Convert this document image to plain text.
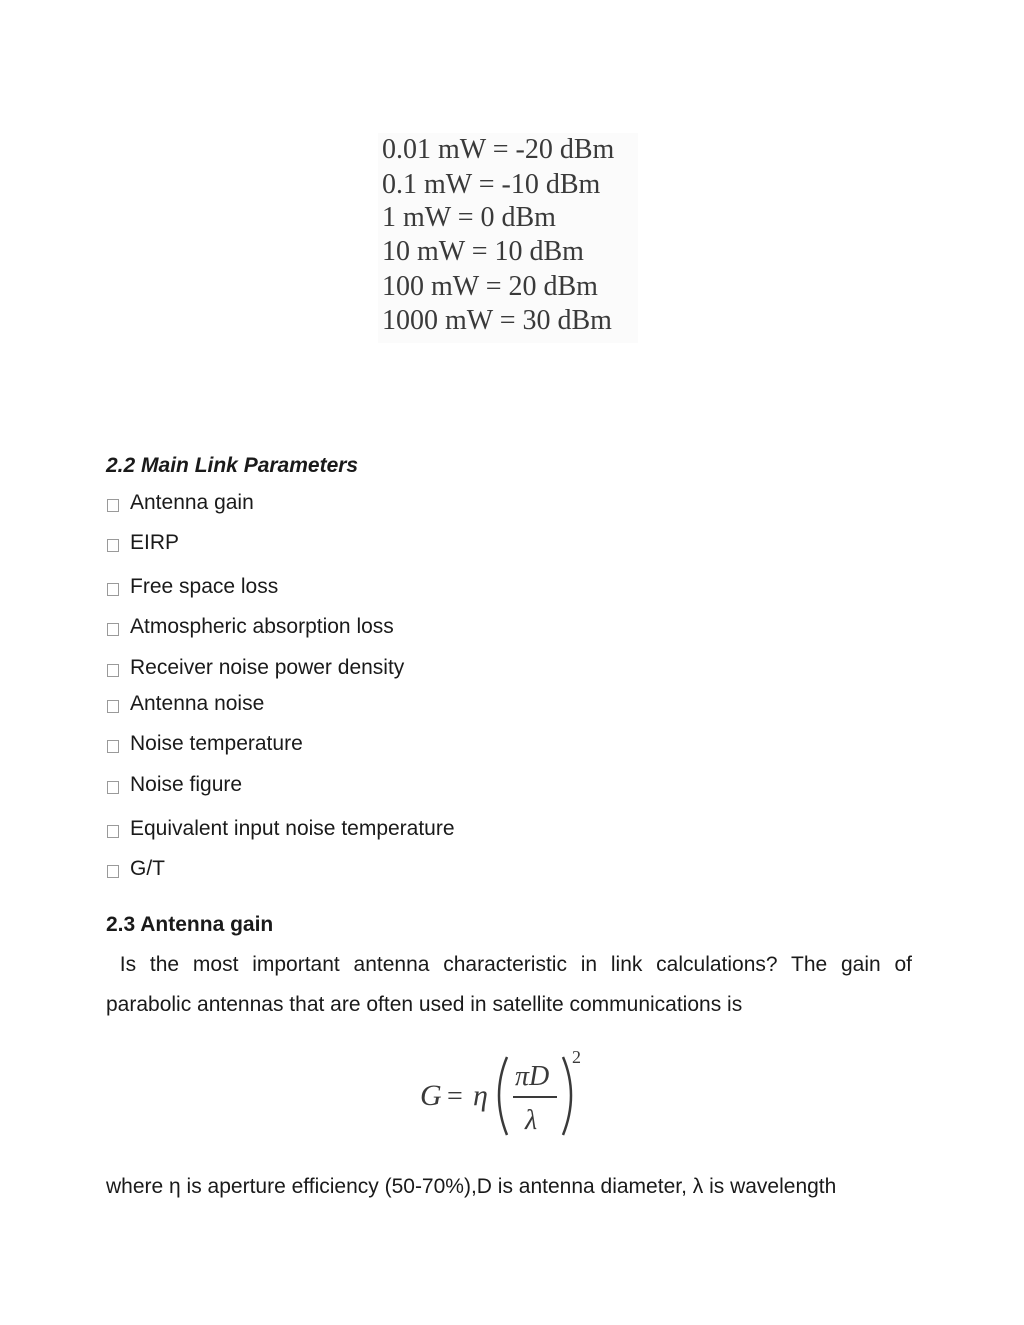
0.01 mW = -20 dBm
0.1 mW = -10 dBm
1 mW = 0 dBm
10 mW = 10 dBm
100 mW = 20 dBm
1000 mW = 30 dBm
2.2 Main Link Parameters
Antenna gain
EIRP
Free space loss
Atmospheric absorption loss
Receiver noise power density
Antenna noise
Noise temperature
Noise figure
Equivalent input noise temperature
G/T
2.3 Antenna gain
Is the most important antenna characteristic in link calculations? The gain of
parabolic antennas that are often used in satellite communications is
G = η
πD
λ
2
where η is aperture efficiency (50-70%),D is antenna diameter, λ is wavelength
